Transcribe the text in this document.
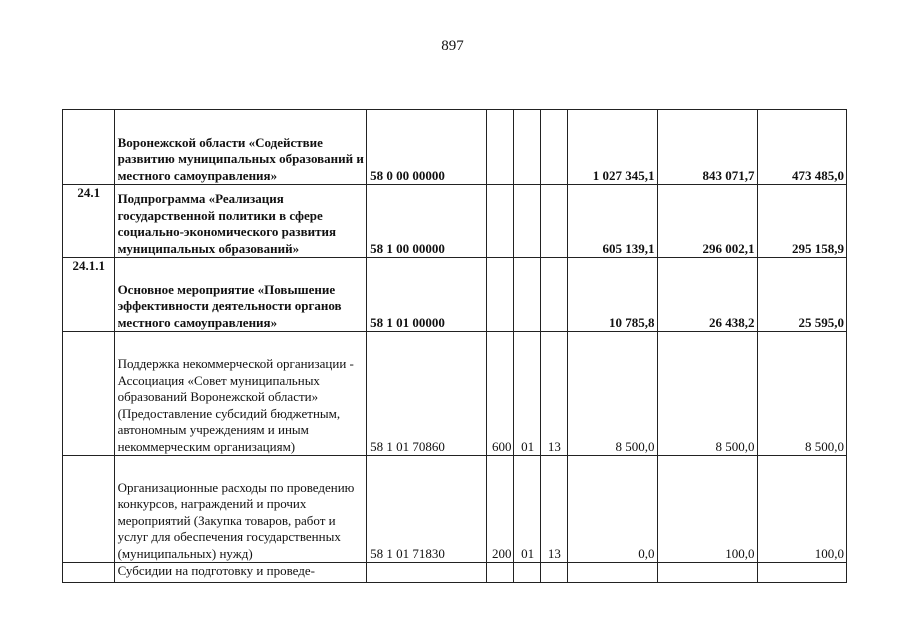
897

	Воронежской области «Содействие развитию муниципальных образований и местного самоуправления»	58 0 00 00000				1 027 345,1	843 071,7	473 485,0
24.1	Подпрограмма «Реализация государственной политики в сфере социально-экономического развития муниципальных образований»	58 1 00 00000				605 139,1	296 002,1	295 158,9
24.1.1	Основное мероприятие «Повышение эффективности деятельности органов местного самоуправления»	58 1 01 00000				10 785,8	26 438,2	25 595,0

	Поддержка некоммерческой организации - Ассоциация «Совет муниципальных образований Воронежской области» (Предоставление субсидий бюджетным, автономным учреждениям и иным некоммерческим организациям)	58 1 01 70860	600	01	13	8 500,0	8 500,0	8 500,0

	Организационные расходы по проведению конкурсов, награждений и прочих мероприятий (Закупка товаров, работ и услуг для обеспечения государственных (муниципальных) нужд)	58 1 01 71830	200	01	13	0,0	100,0	100,0

	Субсидии на подготовку и проведе-							
